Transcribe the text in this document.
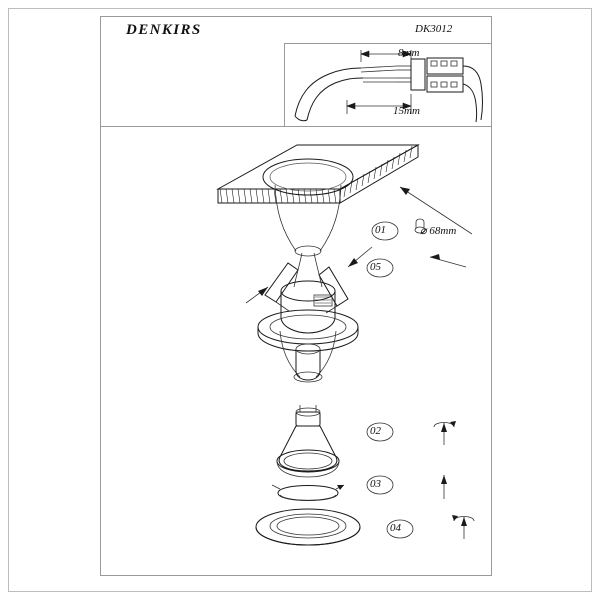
DENKIRS	DK3012
8mm
15mm
01	⌀ 68mm
05
02
03
04
